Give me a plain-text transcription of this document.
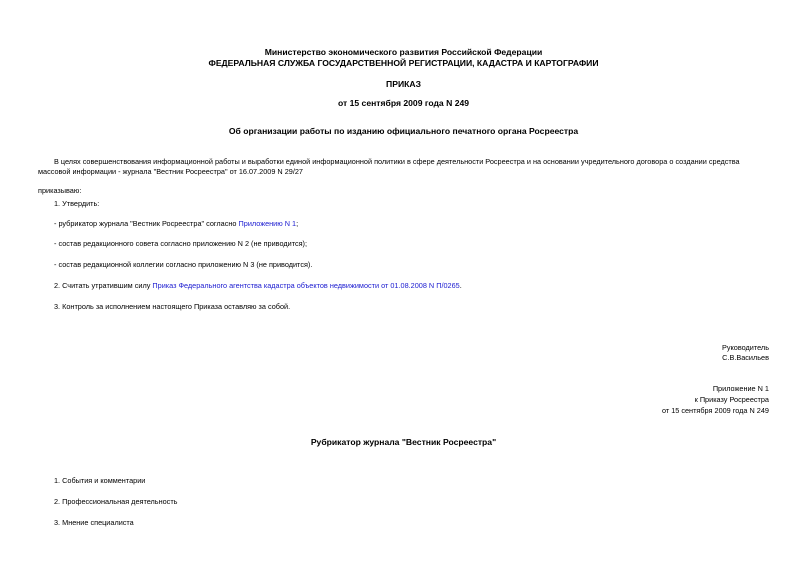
Министерство экономического развития Российской Федерации
ФЕДЕРАЛЬНАЯ СЛУЖБА ГОСУДАРСТВЕННОЙ РЕГИСТРАЦИИ, КАДАСТРА И КАРТОГРАФИИ
ПРИКАЗ
от 15 сентября 2009 года N 249
Об организации работы по изданию официального печатного органа Росреестра
В целях совершенствования информационной работы и выработки единой информационной политики в сфере деятельности Росреестра и на основании учредительного договора о создании средства массовой информации - журнала "Вестник Росреестра" от 16.07.2009 N 29/27
приказываю:
1. Утвердить:
- рубрикатор журнала "Вестник Росреестра" согласно Приложению N 1;
- состав редакционного совета согласно приложению N 2 (не приводится);
- состав редакционной коллегии согласно приложению N 3 (не приводится).
2. Считать утратившим силу Приказ Федерального агентства кадастра объектов недвижимости от 01.08.2008 N П/0265.
3. Контроль за исполнением настоящего Приказа оставляю за собой.
Руководитель
С.В.Васильев
Приложение N 1
к Приказу Росреестра
от 15 сентября 2009 года N 249
Рубрикатор журнала "Вестник Росреестра"
1. События и комментарии
2. Профессиональная деятельность
3. Мнение специалиста
